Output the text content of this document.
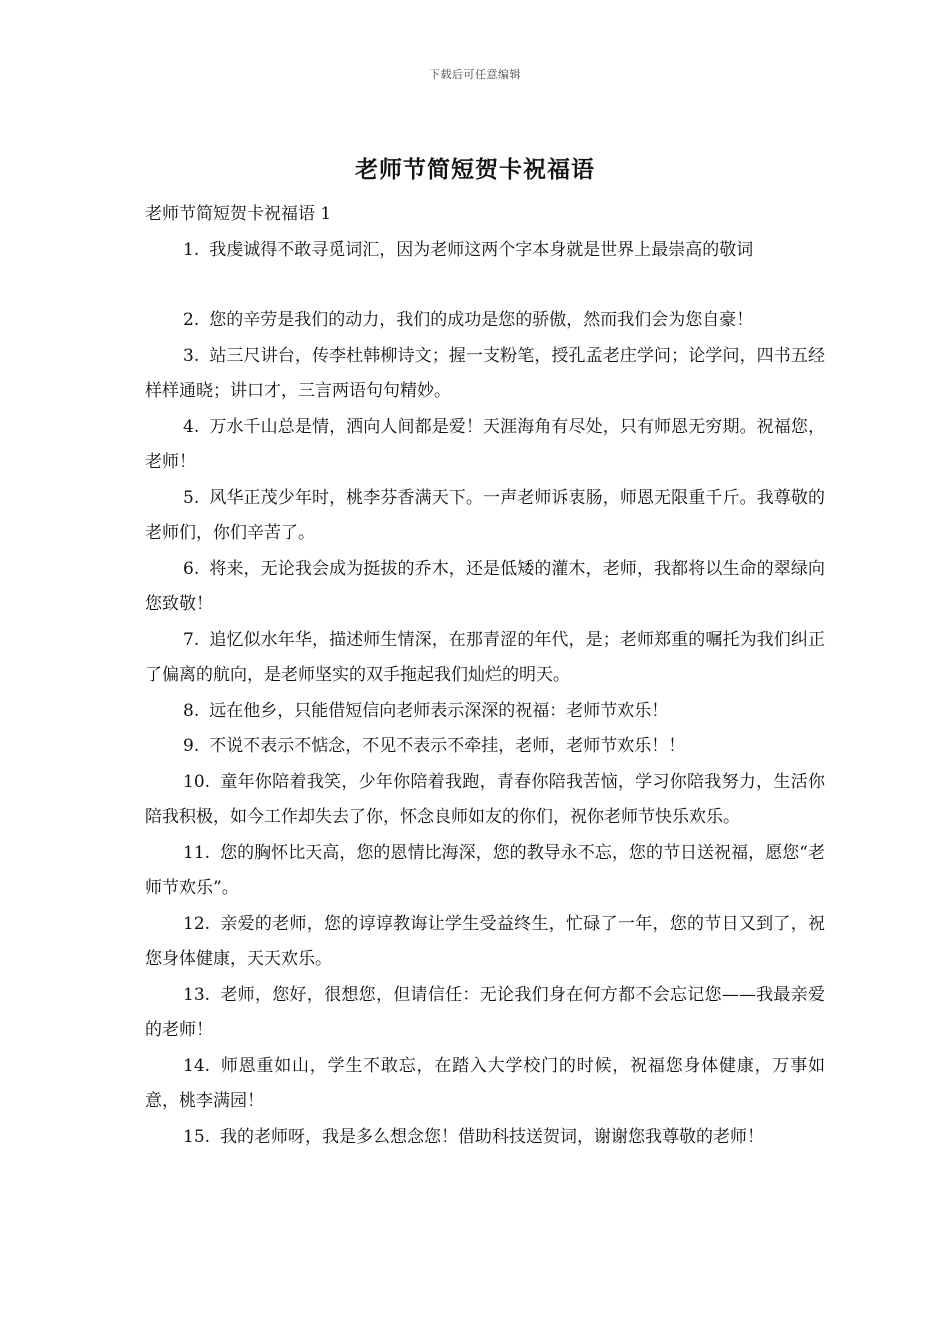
下载后可任意编辑
老师节简短贺卡祝福语

老师节简短贺卡祝福语 1

1. 我虔诚得不敢寻觅词汇，因为老师这两个字本身就是世界上最崇高的敬词

2. 您的辛劳是我们的动力，我们的成功是您的骄傲，然而我们会为您自豪！

3. 站三尺讲台，传李杜韩柳诗文；握一支粉笔，授孔孟老庄学问；论学问，四书五经样样通晓；讲口才，三言两语句句精妙。

4. 万水千山总是情，洒向人间都是爱！天涯海角有尽处，只有师恩无穷期。祝福您，老师！

5. 风华正茂少年时，桃李芬香满天下。一声老师诉衷肠，师恩无限重千斤。我尊敬的老师们，你们辛苦了。

6. 将来，无论我会成为挺拔的乔木，还是低矮的灌木，老师，我都将以生命的翠绿向您致敬！

7. 追忆似水年华，描述师生情深，在那青涩的年代，是；老师郑重的嘱托为我们纠正了偏离的航向，是老师坚实的双手拖起我们灿烂的明天。

8. 远在他乡，只能借短信向老师表示深深的祝福：老师节欢乐！

9. 不说不表示不惦念，不见不表示不牵挂，老师，老师节欢乐！！

10. 童年你陪着我笑，少年你陪着我跑，青春你陪我苦恼，学习你陪我努力，生活你陪我积极，如今工作却失去了你，怀念良师如友的你们，祝你老师节快乐欢乐。

11. 您的胸怀比天高，您的恩情比海深，您的教导永不忘，您的节日送祝福，愿您“老师节欢乐”。

12. 亲爱的老师，您的谆谆教诲让学生受益终生，忙碌了一年，您的节日又到了，祝您身体健康，天天欢乐。

13. 老师，您好，很想您，但请信任：无论我们身在何方都不会忘记您——我最亲爱的老师！

14. 师恩重如山，学生不敢忘，在踏入大学校门的时候，祝福您身体健康，万事如意，桃李满园！

15. 我的老师呀，我是多么想念您！借助科技送贺词，谢谢您我尊敬的老师！
